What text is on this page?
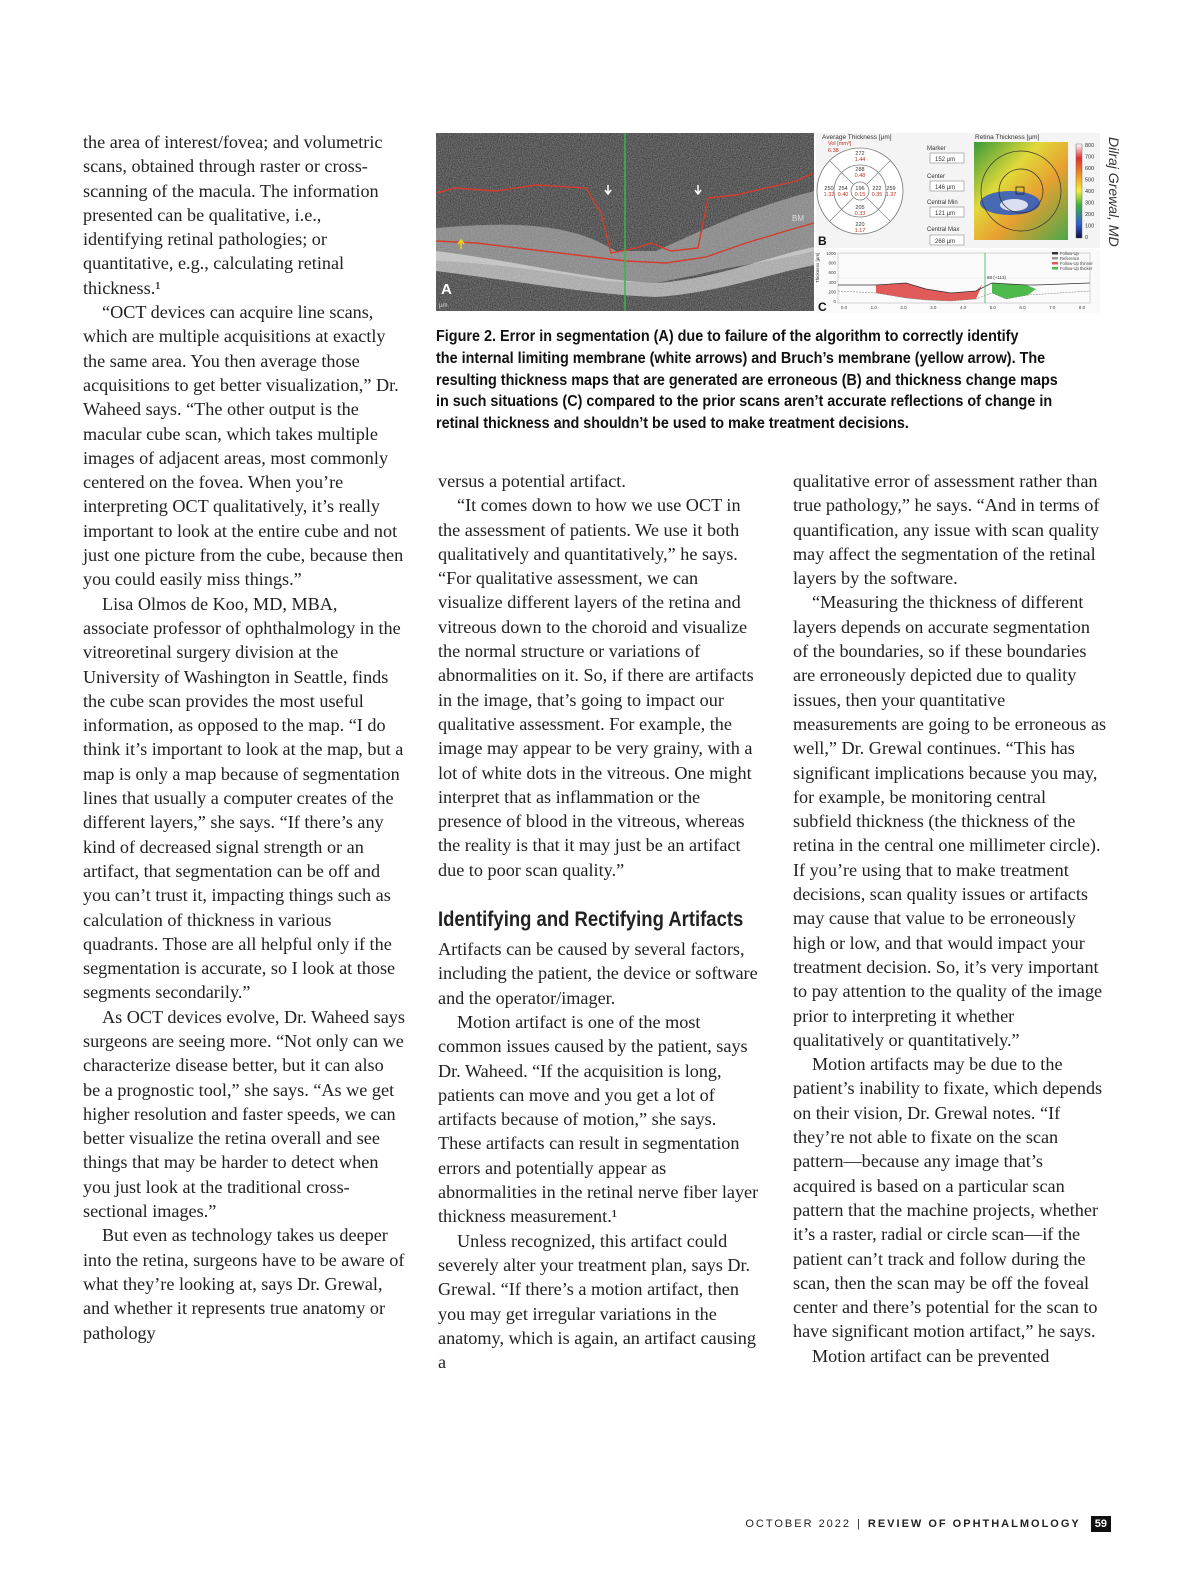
BM
A
µm
Average Thickness [µm]
Vol [mm³]
6.38	272
1.44
288
0.48
250
1.32
254
0.40
196
0.15
222
0.35
259
1.37
205
0.33
220
1.17
Marker
152 µm
Center
146 µm
Central Min
121 µm
Central Max
268 µm
Retina Thickness [µm]
800
700
600
500
400
300
200
100
0
B
Thickness [µm] 1000
800
600
400
200
0
0.0	1.0	2.0	3.0	4.0	5.0	6.0	7.0	8.0
88 (+113)
Follow-Up
Reference
Follow-Up thinner
Follow-Up thicker
C
Dilraj Grewal, MD
Figure 2. Error in segmentation (A) due to failure of the algorithm to correctly identify
the internal limiting membrane (white arrows) and Bruch’s membrane (yellow arrow). The
resulting thickness maps that are generated are erroneous (B) and thickness change maps
in such situations (C) compared to the prior scans aren’t accurate reflections of change in
retinal thickness and shouldn’t be used to make treatment decisions.

the area of interest/fovea; and volumetric scans, obtained through raster or cross-scanning of the macula. The information presented can be qualitative, i.e., identifying retinal pathologies; or quantitative, e.g., calculating retinal thickness.¹

“OCT devices can acquire line scans, which are multiple acquisitions at exactly the same area. You then average those acquisitions to get better visualization,” Dr. Waheed says. “The other output is the macular cube scan, which takes multiple images of adjacent areas, most commonly centered on the fovea. When you’re interpreting OCT qualitatively, it’s really important to look at the entire cube and not just one picture from the cube, because then you could easily miss things.”

Lisa Olmos de Koo, MD, MBA, associate professor of ophthalmology in the vitreoretinal surgery division at the University of Washington in Seattle, finds the cube scan provides the most useful information, as opposed to the map. “I do think it’s important to look at the map, but a map is only a map because of segmentation lines that usually a computer creates of the different layers,” she says. “If there’s any kind of decreased signal strength or an artifact, that segmentation can be off and you can’t trust it, impacting things such as calculation of thickness in various quadrants. Those are all helpful only if the segmentation is accurate, so I look at those segments secondarily.”

As OCT devices evolve, Dr. Waheed says surgeons are seeing more. “Not only can we characterize disease better, but it can also be a prognostic tool,” she says. “As we get higher resolution and faster speeds, we can better visualize the retina overall and see things that may be harder to detect when you just look at the traditional cross-sectional images.”

But even as technology takes us deeper into the retina, surgeons have to be aware of what they’re looking at, says Dr. Grewal, and whether it represents true anatomy or pathology

versus a potential artifact.

“It comes down to how we use OCT in the assessment of patients. We use it both qualitatively and quantitatively,” he says. “For qualitative assessment, we can visualize different layers of the retina and vitreous down to the choroid and visualize the normal structure or variations of abnormalities on it. So, if there are artifacts in the image, that’s going to impact our qualitative assessment. For example, the image may appear to be very grainy, with a lot of white dots in the vitreous. One might interpret that as inflammation or the presence of blood in the vitreous, whereas the reality is that it may just be an artifact due to poor scan quality.”

Identifying and Rectifying Artifacts

Artifacts can be caused by several factors, including the patient, the device or software and the operator/imager.

Motion artifact is one of the most common issues caused by the patient, says Dr. Waheed. “If the acquisition is long, patients can move and you get a lot of artifacts because of motion,” she says. These artifacts can result in segmentation errors and potentially appear as abnormalities in the retinal nerve fiber layer thickness measurement.¹

Unless recognized, this artifact could severely alter your treatment plan, says Dr. Grewal. “If there’s a motion artifact, then you may get irregular variations in the anatomy, which is again, an artifact causing a

qualitative error of assessment rather than true pathology,” he says. “And in terms of quantification, any issue with scan quality may affect the segmentation of the retinal layers by the software.

“Measuring the thickness of different layers depends on accurate segmentation of the boundaries, so if these boundaries are erroneously depicted due to quality issues, then your quantitative measurements are going to be erroneous as well,” Dr. Grewal continues. “This has significant implications because you may, for example, be monitoring central subfield thickness (the thickness of the retina in the central one millimeter circle). If you’re using that to make treatment decisions, scan quality issues or artifacts may cause that value to be erroneously high or low, and that would impact your treatment decision. So, it’s very important to pay attention to the quality of the image prior to interpreting it whether qualitatively or quantitatively.”

Motion artifacts may be due to the patient’s inability to fixate, which depends on their vision, Dr. Grewal notes. “If they’re not able to fixate on the scan pattern—because any image that’s acquired is based on a particular scan pattern that the machine projects, whether it’s a raster, radial or circle scan—if the patient can’t track and follow during the scan, then the scan may be off the foveal center and there’s potential for the scan to have significant motion artifact,” he says.

Motion artifact can be prevented

OCTOBER 2022 | REVIEW OF OPHTHALMOLOGY	59
